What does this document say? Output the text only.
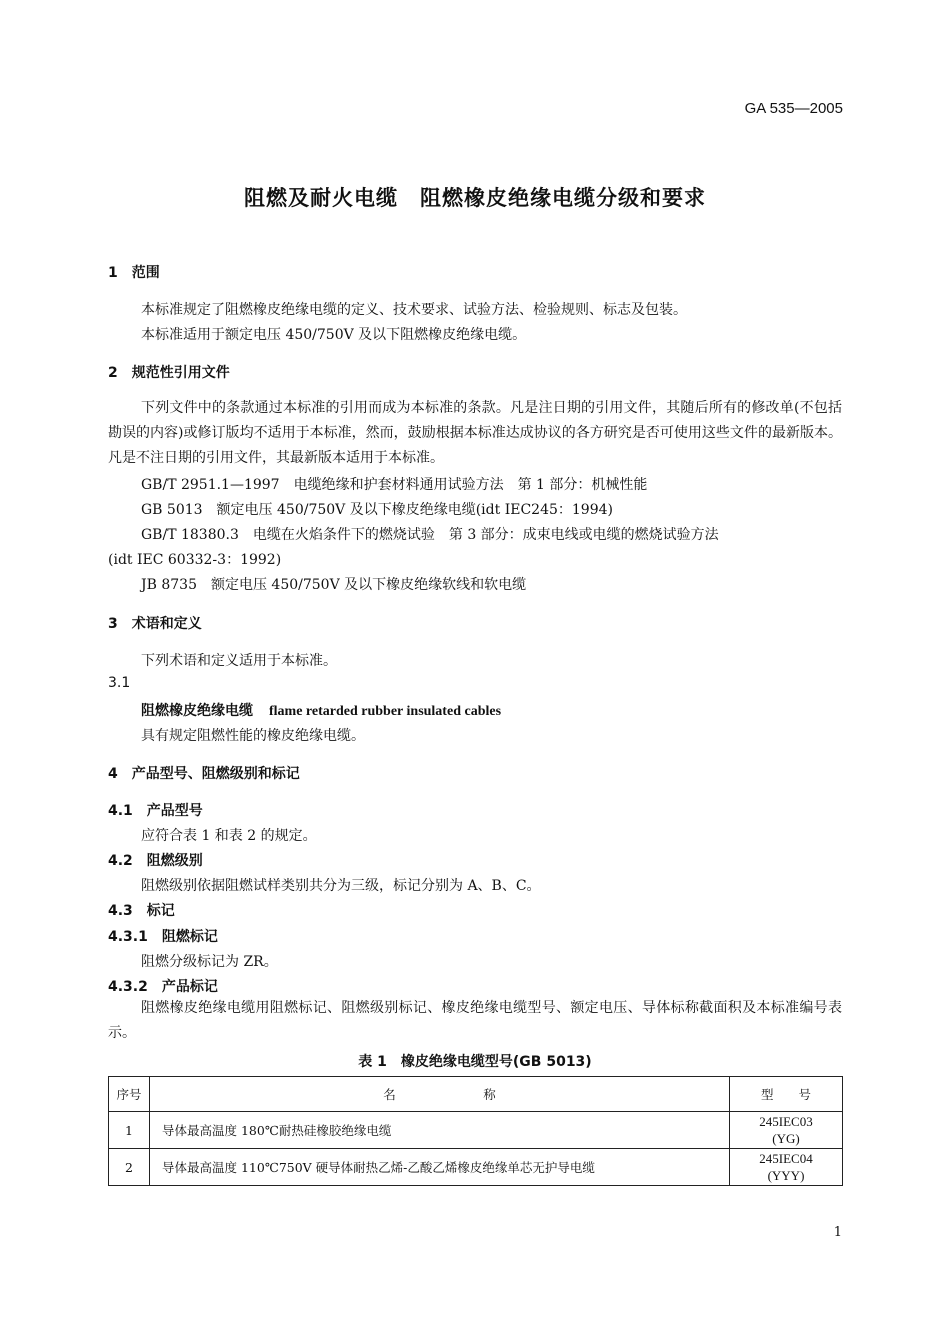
GA 535—2005
阻燃及耐火电缆　阻燃橡皮绝缘电缆分级和要求
1　范围
本标准规定了阻燃橡皮绝缘电缆的定义、技术要求、试验方法、检验规则、标志及包装。
本标准适用于额定电压 450/750V 及以下阻燃橡皮绝缘电缆。
2　规范性引用文件
下列文件中的条款通过本标准的引用而成为本标准的条款。凡是注日期的引用文件，其随后所有的修改单(不包括勘误的内容)或修订版均不适用于本标准，然而，鼓励根据本标准达成协议的各方研究是否可使用这些文件的最新版本。凡是不注日期的引用文件，其最新版本适用于本标准。
GB/T 2951.1—1997　电缆绝缘和护套材料通用试验方法　第 1 部分：机械性能
GB 5013　额定电压 450/750V 及以下橡皮绝缘电缆(idt IEC245：1994)
GB/T 18380.3　电缆在火焰条件下的燃烧试验　第 3 部分：成束电线或电缆的燃烧试验方法
(idt IEC 60332-3：1992)
JB 8735　额定电压 450/750V 及以下橡皮绝缘软线和软电缆
3　术语和定义
下列术语和定义适用于本标准。
3.1
阻燃橡皮绝缘电缆 flame retarded rubber insulated cables
具有规定阻燃性能的橡皮绝缘电缆。
4　产品型号、阻燃级别和标记
4.1　产品型号
应符合表 1 和表 2 的规定。
4.2　阻燃级别
阻燃级别依据阻燃试样类别共分为三级，标记分别为 A、B、C。
4.3　标记
4.3.1　阻燃标记
阻燃分级标记为 ZR。
4.3.2　产品标记
阻燃橡皮绝缘电缆用阻燃标记、阻燃级别标记、橡皮绝缘电缆型号、额定电压、导体标称截面积及本标准编号表示。
表 1　橡皮绝缘电缆型号(GB 5013)
序号	名　　　　　　　称	型　　号
1	导体最高温度 180℃耐热硅橡胶绝缘电缆	245IEC03
(YG)
2	导体最高温度 110℃750V 硬导体耐热乙烯-乙酸乙烯橡皮绝缘单芯无护导电缆	245IEC04
(YYY)
1
